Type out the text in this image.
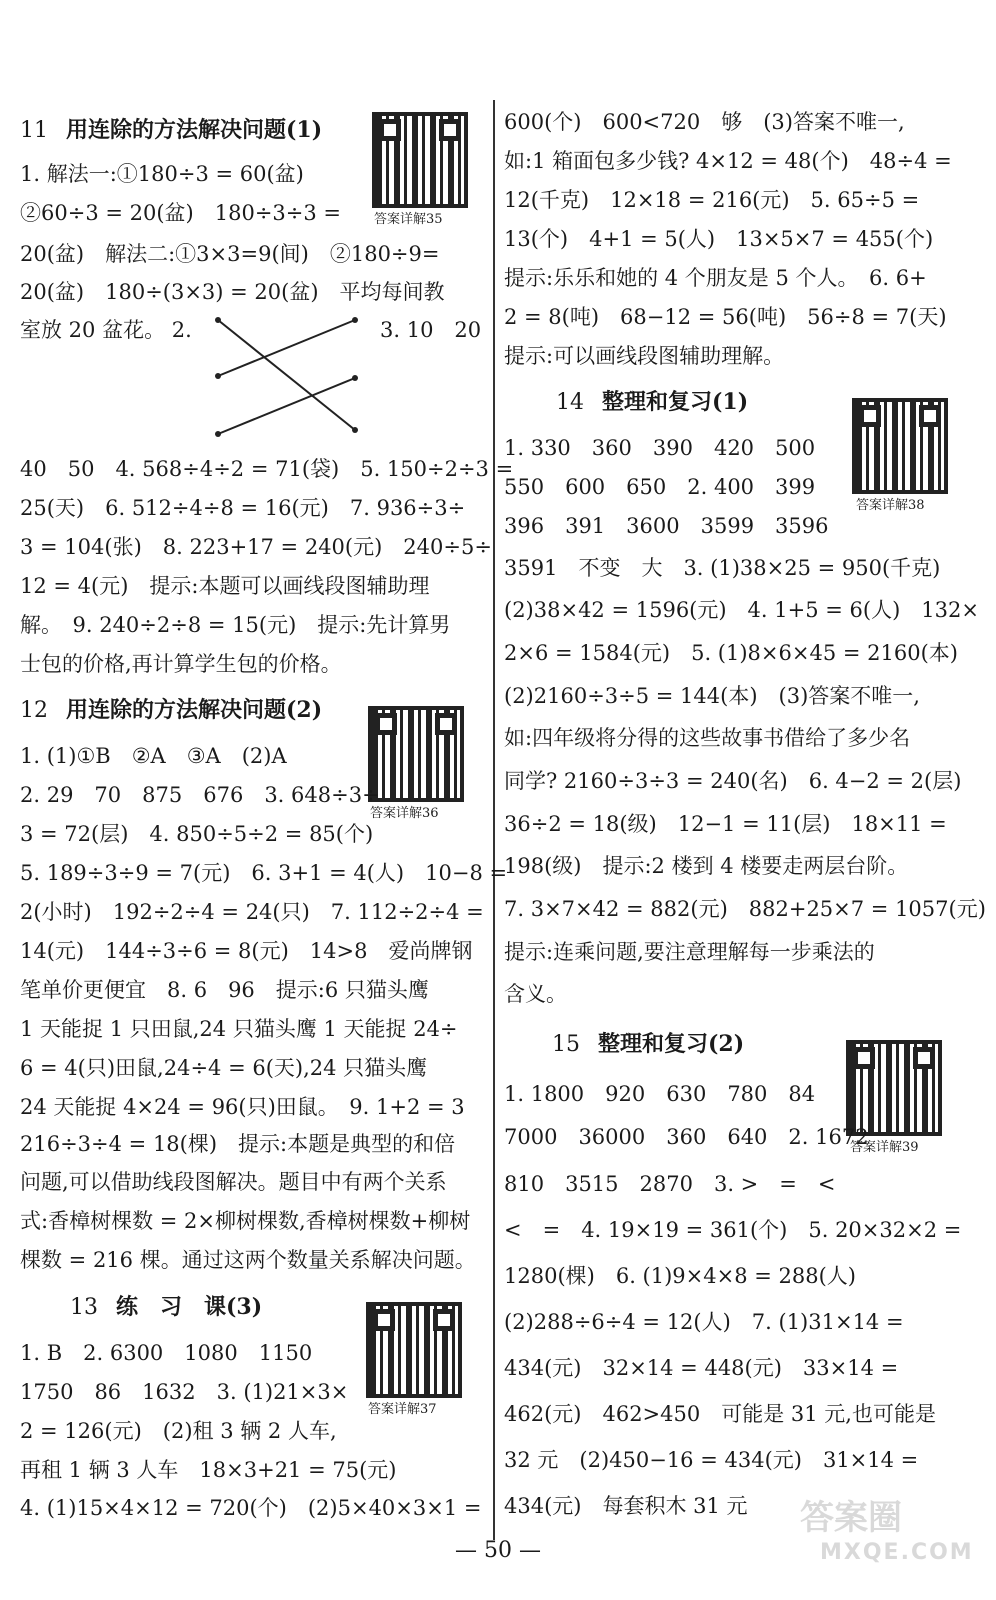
11 用连除的方法解决问题(1)
答案详解35
1. 解法一:①180÷3 = 60(盆)
②60÷3 = 20(盆)　180÷3÷3 =
20(盆)　解法二:①3×3=9(间)　②180÷9=
20(盆)　180÷(3×3) = 20(盆)　平均每间教
室放 20 盆花。 2.	3. 10　20
40　50　4. 568÷4÷2 = 71(袋)　5. 150÷2÷3 =
25(天)　6. 512÷4÷8 = 16(元)　7. 936÷3÷
3 = 104(张)　8. 223+17 = 240(元)　240÷5÷
12 = 4(元)　提示:本题可以画线段图辅助理
解。　9. 240÷2÷8 = 15(元)　提示:先计算男
士包的价格,再计算学生包的价格。
12 用连除的方法解决问题(2)
答案详解36
1. (1)①B　②A　③A　(2)A
2. 29　70　875　676　3. 648÷3÷
3 = 72(层)　4. 850÷5÷2 = 85(个)
5. 189÷3÷9 = 7(元)　6. 3+1 = 4(人)　10−8 =
2(小时)　192÷2÷4 = 24(只)　7. 112÷2÷4 =
14(元)　144÷3÷6 = 8(元)　14>8　爱尚牌钢
笔单价更便宜　8. 6　96　提示:6 只猫头鹰
1 天能捉 1 只田鼠,24 只猫头鹰 1 天能捉 24÷
6 = 4(只)田鼠,24÷4 = 6(天),24 只猫头鹰
24 天能捉 4×24 = 96(只)田鼠。　9. 1+2 = 3
216÷3÷4 = 18(棵)　提示:本题是典型的和倍
问题,可以借助线段图解决。题目中有两个关系
式:香樟树棵数 = 2×柳树棵数,香樟树棵数+柳树
棵数 = 216 棵。通过这两个数量关系解决问题。
13 练　习　课(3)
答案详解37
1. B　2. 6300　1080　1150
1750　86　1632　3. (1)21×3×
2 = 126(元)　(2)租 3 辆 2 人车,
再租 1 辆 3 人车　18×3+21 = 75(元)
4. (1)15×4×12 = 720(个)　(2)5×40×3×1 =
600(个)　600<720　够　(3)答案不唯一,
如:1 箱面包多少钱? 4×12 = 48(个)　48÷4 =
12(千克)　12×18 = 216(元)　5. 65÷5 =
13(个)　4+1 = 5(人)　13×5×7 = 455(个)
提示:乐乐和她的 4 个朋友是 5 个人。　6. 6+
2 = 8(吨)　68−12 = 56(吨)　56÷8 = 7(天)
提示:可以画线段图辅助理解。
14 整理和复习(1)
答案详解38
1. 330　360　390　420　500
550　600　650　2. 400　399
396　391　3600　3599　3596
3591　不变　大　3. (1)38×25 = 950(千克)
(2)38×42 = 1596(元)　4. 1+5 = 6(人)　132×
2×6 = 1584(元)　5. (1)8×6×45 = 2160(本)
(2)2160÷3÷5 = 144(本)　(3)答案不唯一,
如:四年级将分得的这些故事书借给了多少名
同学? 2160÷3÷3 = 240(名)　6. 4−2 = 2(层)
36÷2 = 18(级)　12−1 = 11(层)　18×11 =
198(级)　提示:2 楼到 4 楼要走两层台阶。
7. 3×7×42 = 882(元)　882+25×7 = 1057(元)
提示:连乘问题,要注意理解每一步乘法的
含义。
15 整理和复习(2)
答案详解39
1. 1800　920　630　780　84
7000　36000　360　640　2. 1672
810　3515　2870　3. >　=　<
<　=　4. 19×19 = 361(个)　5. 20×32×2 =
1280(棵)　6. (1)9×4×8 = 288(人)
(2)288÷6÷4 = 12(人)　7. (1)31×14 =
434(元)　32×14 = 448(元)　33×14 =
462(元)　462>450　可能是 31 元,也可能是
32 元　(2)450−16 = 434(元)　31×14 =
434(元)　每套积木 31 元
— 50 —
答案圈
MXQE.COM
